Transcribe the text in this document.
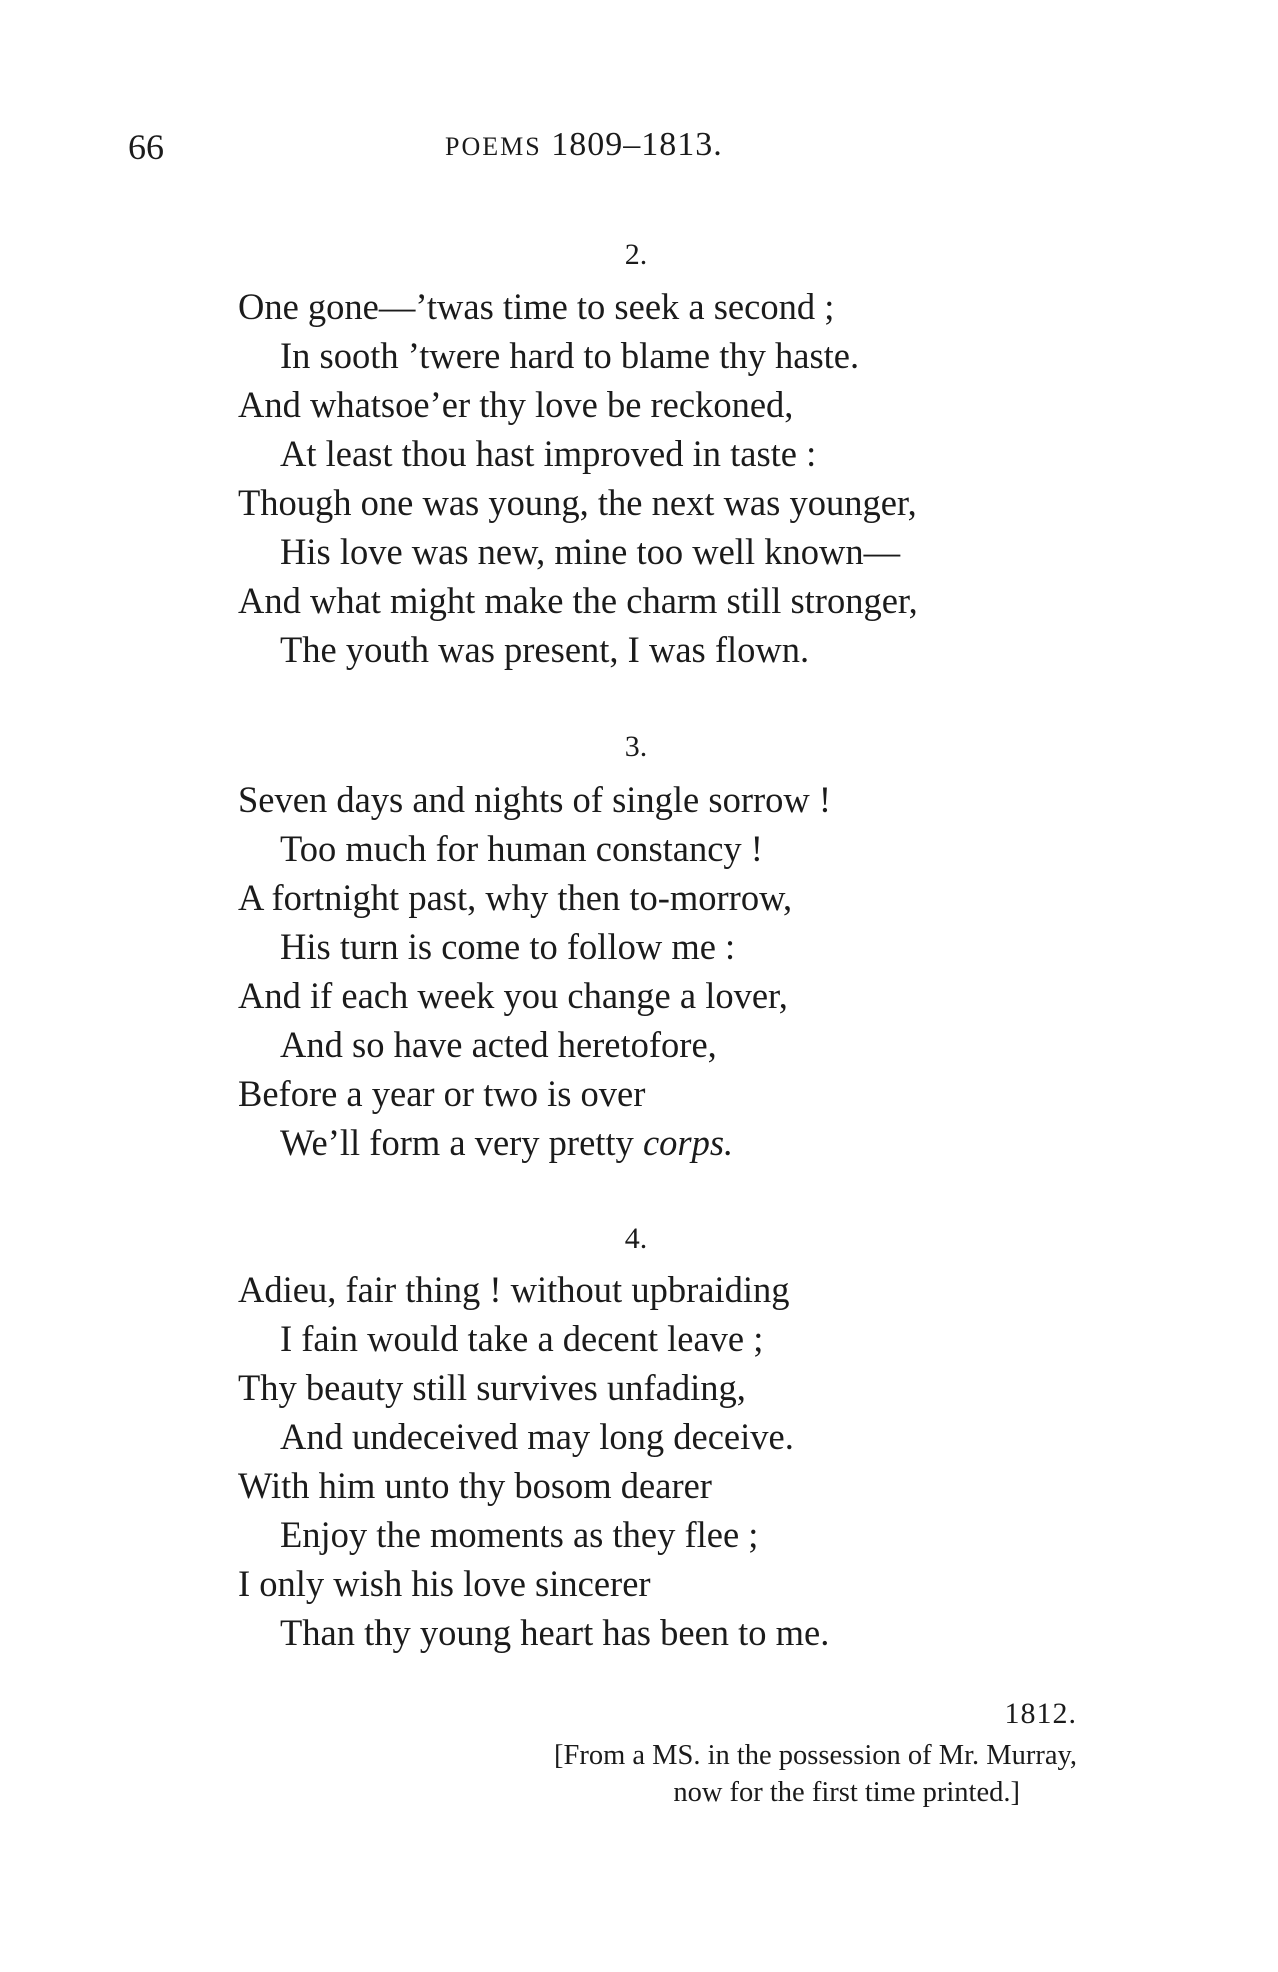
66	POEMS 1809–1813.
2.
One gone—’twas time to seek a second ;
In sooth ’twere hard to blame thy haste.
And whatsoe’er thy love be reckoned,
At least thou hast improved in taste :
Though one was young, the next was younger,
His love was new, mine too well known—
And what might make the charm still stronger,
The youth was present, I was flown.
3.
Seven days and nights of single sorrow !
Too much for human constancy !
A fortnight past, why then to-morrow,
His turn is come to follow me :
And if each week you change a lover,
And so have acted heretofore,
Before a year or two is over
We’ll form a very pretty corps.
4.
Adieu, fair thing ! without upbraiding
I fain would take a decent leave ;
Thy beauty still survives unfading,
And undeceived may long deceive.
With him unto thy bosom dearer
Enjoy the moments as they flee ;
I only wish his love sincerer
Than thy young heart has been to me.
1812.
[From a MS. in the possession of Mr. Murray,
now for the first time printed.]
